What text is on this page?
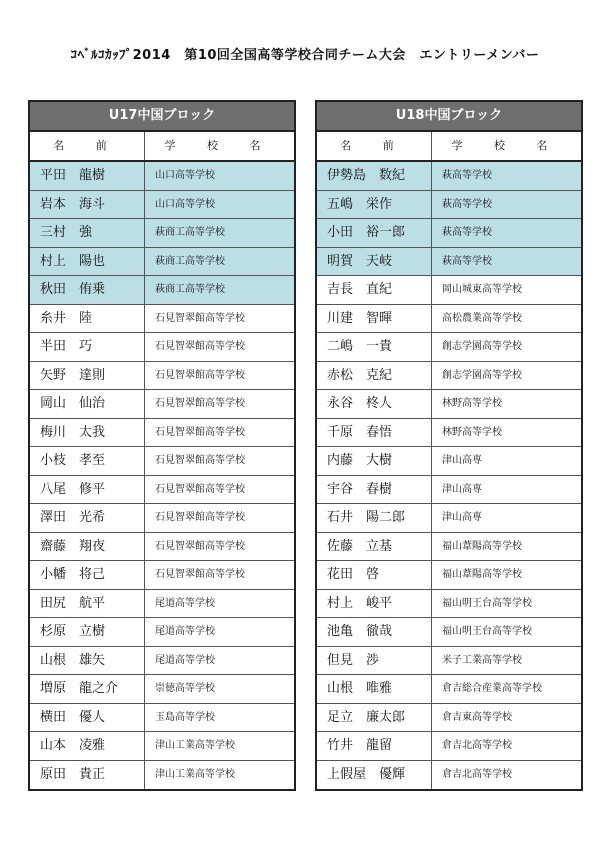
ｺﾍﾞﾙｺｶｯﾌﾟ2014　第10回全国高等学校合同チーム大会　エントリーメンバー
U17中国ブロック
名 前	学 校 名
平田　龍樹	山口高等学校
岩本　海斗	山口高等学校
三村　強	萩商工高等学校
村上　陽也	萩商工高等学校
秋田　侑乗	萩商工高等学校
糸井　陸	石見智翠館高等学校
半田　巧	石見智翠館高等学校
矢野　達則	石見智翠館高等学校
岡山　仙治	石見智翠館高等学校
梅川　太我	石見智翠館高等学校
小枝　孝至	石見智翠館高等学校
八尾　修平	石見智翠館高等学校
澤田　光希	石見智翠館高等学校
齋藤　翔夜	石見智翠館高等学校
小幡　将己	石見智翠館高等学校
田尻　航平	尾道高等学校
杉原　立樹	尾道高等学校
山根　雄矢	尾道高等学校
増原　龍之介	崇徳高等学校
横田　優人	玉島高等学校
山本　凌雅	津山工業高等学校
原田　貴正	津山工業高等学校
U18中国ブロック
名 前	学 校 名
伊勢島　数紀	萩高等学校
五嶋　栄作	萩高等学校
小田　裕一郎	萩高等学校
明賀　天岐	萩高等学校
吉長　直紀	岡山城東高等学校
川建　智暉	高松農業高等学校
二嶋　一貴	創志学園高等学校
赤松　克紀	創志学園高等学校
永谷　柊人	林野高等学校
千原　春悟	林野高等学校
内藤　大樹	津山高専
宇谷　春樹	津山高専
石井　陽二郎	津山高専
佐藤　立基	福山葦陽高等学校
花田　啓	福山葦陽高等学校
村上　峻平	福山明王台高等学校
池亀　徹哉	福山明王台高等学校
但見　渉	米子工業高等学校
山根　唯雅	倉吉総合産業高等学校
足立　廉太郎	倉吉東高等学校
竹井　龍留	倉吉北高等学校
上假屋　優輝	倉吉北高等学校
